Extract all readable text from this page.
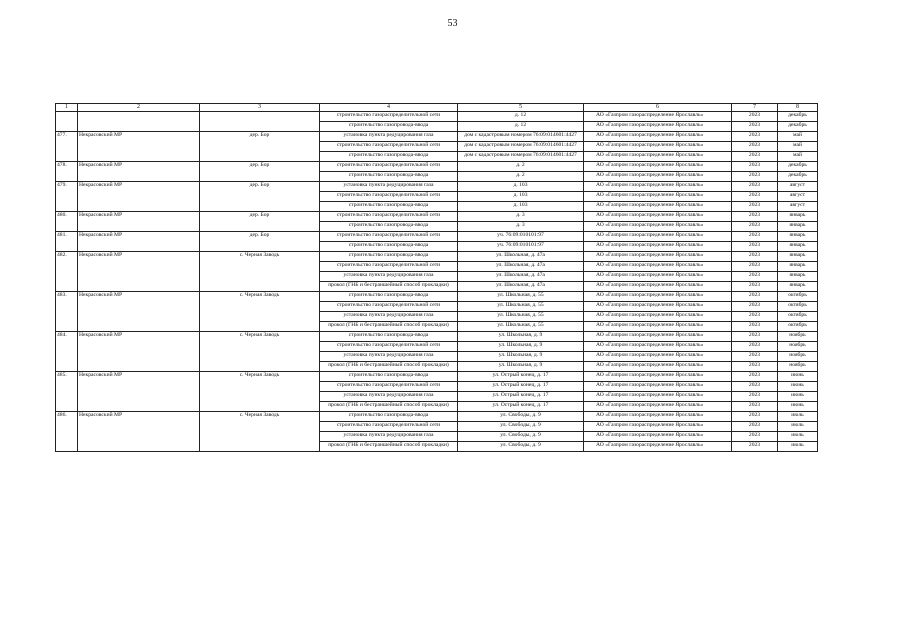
53
1	2	3	4	5	6	7	8
			строительство газораспределительной сети	д. 12	АО «Газпром газораспределение Ярославль»	2023	декабрь
			строительство газопровода-ввода	д. 12	АО «Газпром газораспределение Ярославль»	2023	декабрь
477.	Некрасовский МР	дер. Бор	установка пункта редуцирования газа	дом с кадастровым номером 76:09:014601:4427	АО «Газпром газораспределение Ярославль»	2023	май
			строительство газораспределительной сети	дом с кадастровым номером 76:09:014601:4427	АО «Газпром газораспределение Ярославль»	2023	май
			строительство газопровода-ввода	дом с кадастровым номером 76:09:014601:4427	АО «Газпром газораспределение Ярославль»	2023	май
478.	Некрасовский МР	дер. Бор	строительство газораспределительной сети	д. 2	АО «Газпром газораспределение Ярославль»	2023	декабрь
			строительство газопровода-ввода	д. 2	АО «Газпром газораспределение Ярославль»	2023	декабрь
479.	Некрасовский МР	дер. Бор	установка пункта редуцирования газа	д. 103	АО «Газпром газораспределение Ярославль»	2023	август
			строительство газораспределительной сети	д. 103	АО «Газпром газораспределение Ярославль»	2023	август
			строительство газопровода-ввода	д. 103	АО «Газпром газораспределение Ярославль»	2023	август
480.	Некрасовский МР	дер. Бор	строительство газораспределительной сети	д. 3	АО «Газпром газораспределение Ярославль»	2023	январь
			строительство газопровода-ввода	д. 3	АО «Газпром газораспределение Ярославль»	2023	январь
481.	Некрасовский МР	дер. Бор	строительство газораспределительной сети	уч. 76:09:010101:97	АО «Газпром газораспределение Ярославль»	2023	январь
			строительство газопровода-ввода	уч. 76:09:010101:97	АО «Газпром газораспределение Ярославль»	2023	январь
482.	Некрасовский МР	с. Черная Заводь	строительство газопровода-ввода	ул. Школьная, д. 47а	АО «Газпром газораспределение Ярославль»	2023	январь
			строительство газораспределительной сети	ул. Школьная, д. 47а	АО «Газпром газораспределение Ярославль»	2023	январь
			установка пункта редуцирования газа	ул. Школьная, д. 47а	АО «Газпром газораспределение Ярославль»	2023	январь
			прокол (ГНБ и бестраншейный способ прокладки)	ул. Школьная, д. 47а	АО «Газпром газораспределение Ярославль»	2023	январь
483.	Некрасовский МР	с. Черная Заводь	строительство газопровода-ввода	ул. Школьная, д. 55	АО «Газпром газораспределение Ярославль»	2023	октябрь
			строительство газораспределительной сети	ул. Школьная, д. 55	АО «Газпром газораспределение Ярославль»	2023	октябрь
			установка пункта редуцирования газа	ул. Школьная, д. 55	АО «Газпром газораспределение Ярославль»	2023	октябрь
			прокол (ГНБ и бестраншейный способ прокладки)	ул. Школьная, д. 55	АО «Газпром газораспределение Ярославль»	2023	октябрь
484.	Некрасовский МР	с. Черная Заводь	строительство газопровода-ввода	ул. Школьная, д. 9	АО «Газпром газораспределение Ярославль»	2023	ноябрь
			строительство газораспределительной сети	ул. Школьная, д. 9	АО «Газпром газораспределение Ярославль»	2023	ноябрь
			установка пункта редуцирования газа	ул. Школьная, д. 9	АО «Газпром газораспределение Ярославль»	2023	ноябрь
			прокол (ГНБ и бестраншейный способ прокладки)	ул. Школьная, д. 9	АО «Газпром газораспределение Ярославль»	2023	ноябрь
485.	Некрасовский МР	с. Черная Заводь	строительство газопровода-ввода	ул. Острый конец, д. 17	АО «Газпром газораспределение Ярославль»	2023	июнь
			строительство газораспределительной сети	ул. Острый конец, д. 17	АО «Газпром газораспределение Ярославль»	2023	июнь
			установка пункта редуцирования газа	ул. Острый конец, д. 17	АО «Газпром газораспределение Ярославль»	2023	июнь
			прокол (ГНБ и бестраншейный способ прокладки)	ул. Острый конец, д. 17	АО «Газпром газораспределение Ярославль»	2023	июнь
486.	Некрасовский МР	с. Черная Заводь	строительство газопровода-ввода	ул. Свободы, д. 9	АО «Газпром газораспределение Ярославль»	2023	июль
			строительство газораспределительной сети	ул. Свободы, д. 9	АО «Газпром газораспределение Ярославль»	2023	июль
			установка пункта редуцирования газа	ул. Свободы, д. 9	АО «Газпром газораспределение Ярославль»	2023	июль
			прокол (ГНБ и бестраншейный способ прокладки)	ул. Свободы, д. 9	АО «Газпром газораспределение Ярославль»	2023	июль
